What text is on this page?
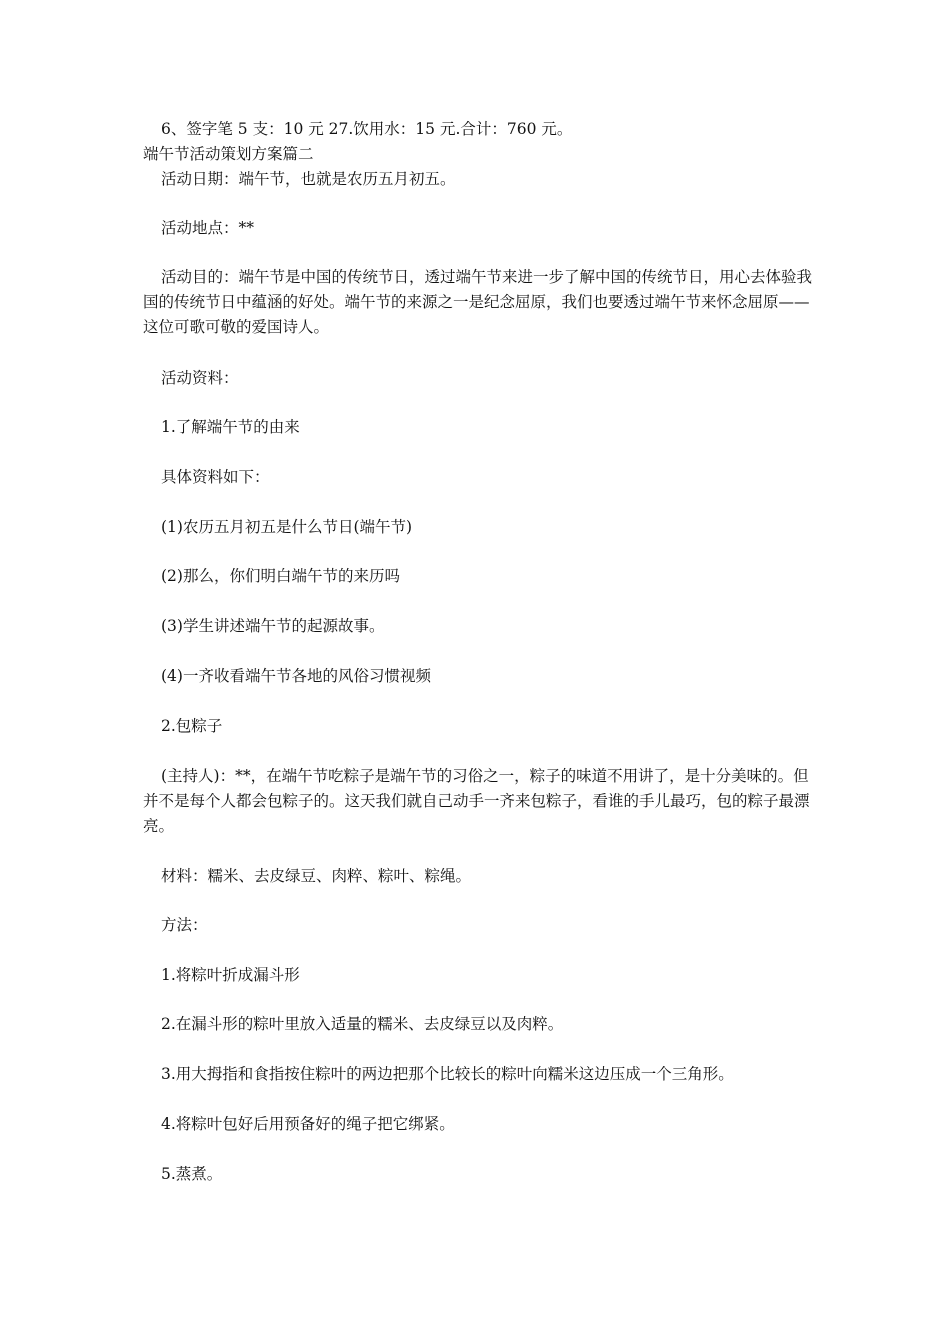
6、签字笔 5 支：10 元 27.饮用水：15 元.合计：760 元。

端午节活动策划方案篇二

活动日期：端午节，也就是农历五月初五。

活动地点：**

活动目的：端午节是中国的传统节日，透过端午节来进一步了解中国的传统节日，用心去体验我国的传统节日中蕴涵的好处。端午节的来源之一是纪念屈原，我们也要透过端午节来怀念屈原——这位可歌可敬的爱国诗人。

活动资料：

1.了解端午节的由来

具体资料如下：

(1)农历五月初五是什么节日(端午节)

(2)那么，你们明白端午节的来历吗

(3)学生讲述端午节的起源故事。

(4)一齐收看端午节各地的风俗习惯视频

2.包粽子

(主持人)：**，在端午节吃粽子是端午节的习俗之一，粽子的味道不用讲了，是十分美味的。但并不是每个人都会包粽子的。这天我们就自己动手一齐来包粽子，看谁的手儿最巧，包的粽子最漂亮。

材料：糯米、去皮绿豆、肉粹、粽叶、粽绳。

方法：

1.将粽叶折成漏斗形

2.在漏斗形的粽叶里放入适量的糯米、去皮绿豆以及肉粹。

3.用大拇指和食指按住粽叶的两边把那个比较长的粽叶向糯米这边压成一个三角形。

4.将粽叶包好后用预备好的绳子把它绑紧。

5.蒸煮。
